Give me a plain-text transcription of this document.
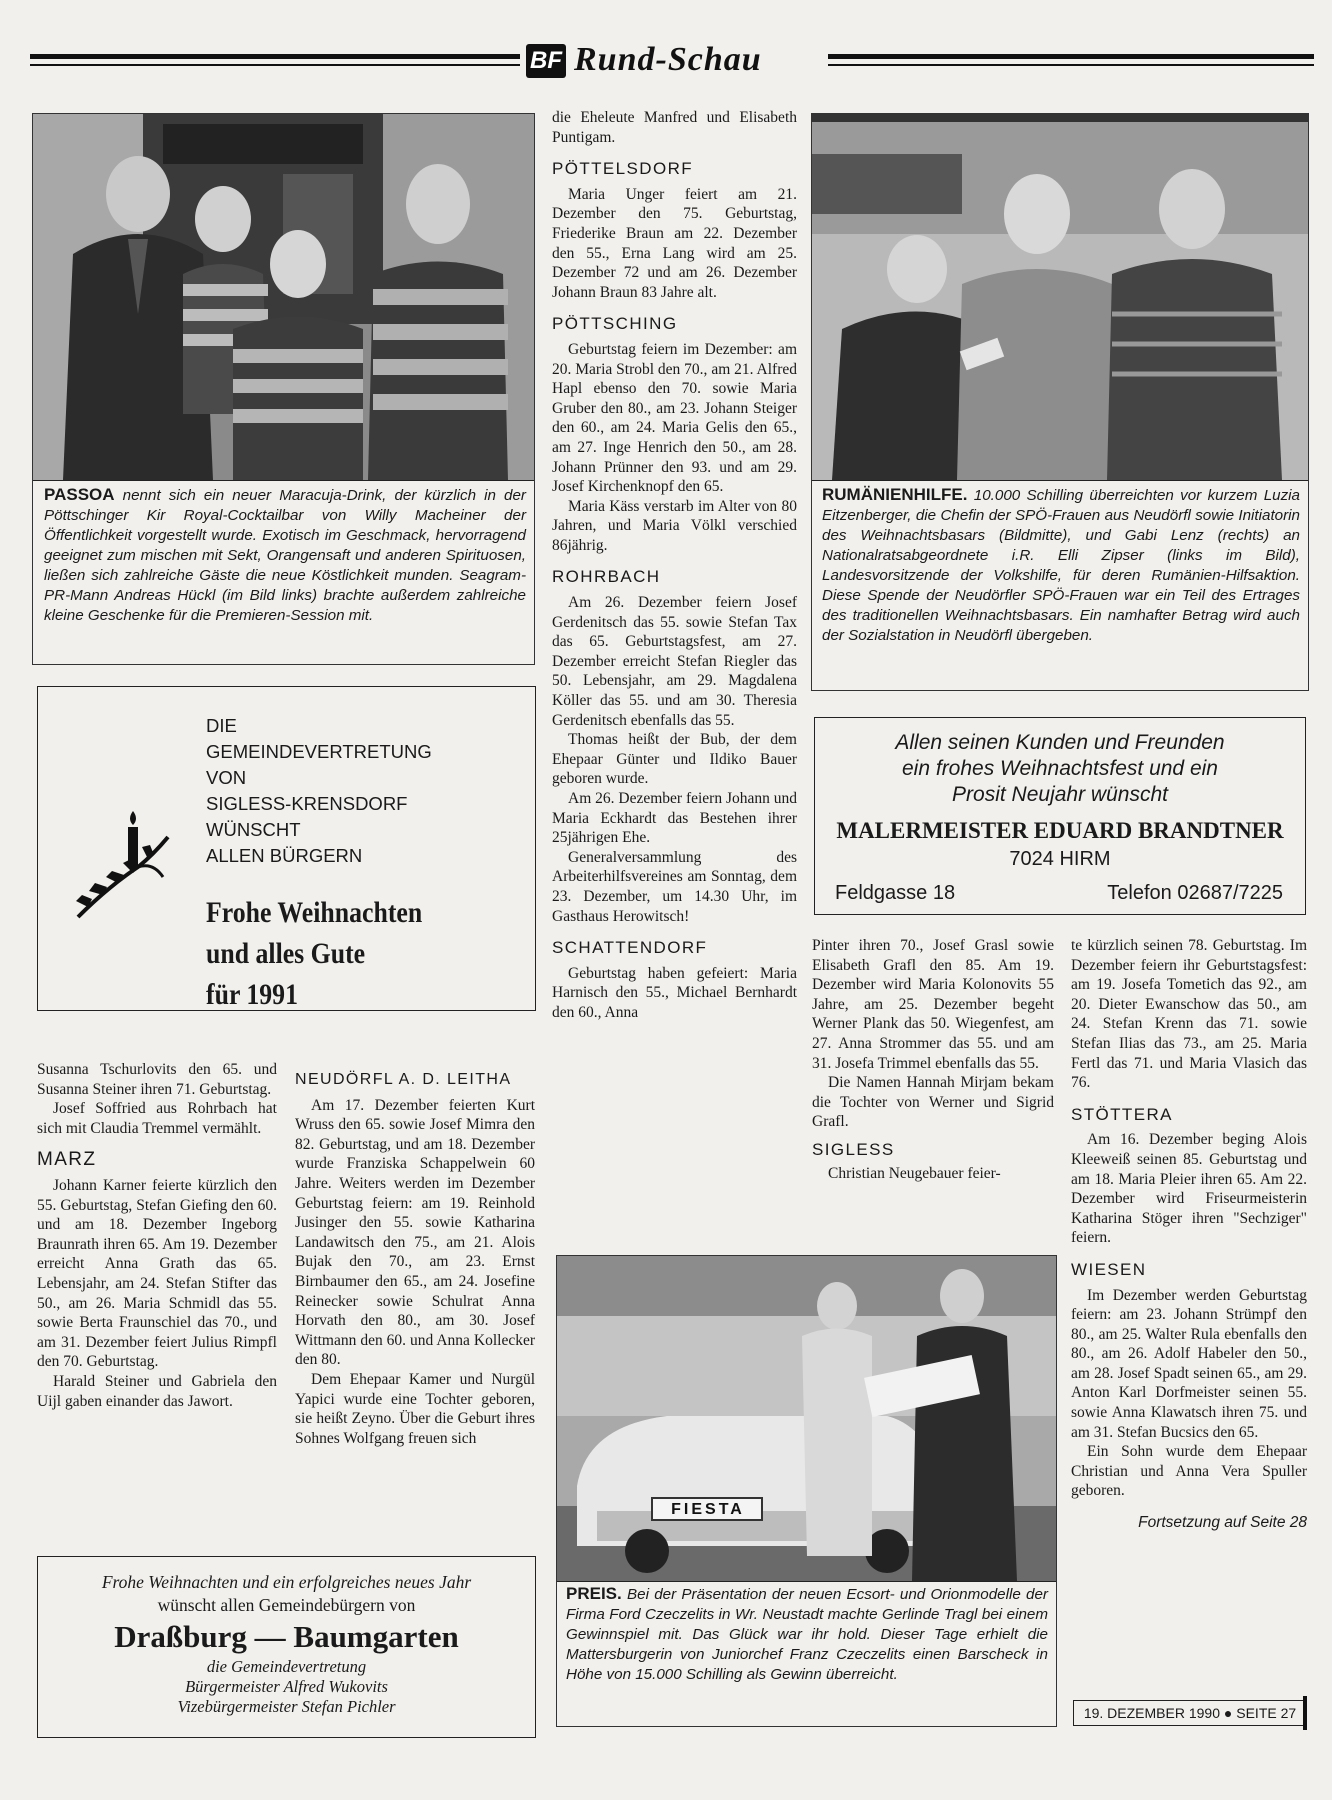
BF Rund-Schau
PASSOA nennt sich ein neuer Maracuja-Drink, der kürzlich in der Pöttschinger Kir Royal-Cocktailbar von Willy Macheiner der Öffentlichkeit vorgestellt wurde. Exotisch im Geschmack, hervorragend geeignet zum mischen mit Sekt, Orangensaft und anderen Spirituosen, ließen sich zahlreiche Gäste die neue Köstlichkeit munden. Seagram-PR-Mann Andreas Hückl (im Bild links) brachte außerdem zahlreiche kleine Geschenke für die Premieren-Session mit.
DIE
GEMEINDEVERTRETUNG
VON
SIGLESS-KRENSDORF
WÜNSCHT
ALLEN BÜRGERN
Frohe Weihnachten
und alles Gute
für 1991

die Eheleute Manfred und Elisabeth Puntigam.

PÖTTELSDORF

Maria Unger feiert am 21. Dezember den 75. Geburtstag, Friederike Braun am 22. Dezember den 55., Erna Lang wird am 25. Dezember 72 und am 26. Dezember Johann Braun 83 Jahre alt.

PÖTTSCHING

Geburtstag feiern im Dezember: am 20. Maria Strobl den 70., am 21. Alfred Hapl ebenso den 70. sowie Maria Gruber den 80., am 23. Johann Steiger den 60., am 24. Maria Gelis den 65., am 27. Inge Henrich den 50., am 28. Johann Prünner den 93. und am 29. Josef Kirchenknopf den 65.

Maria Käss verstarb im Alter von 80 Jahren, und Maria Völkl verschied 86jährig.

ROHRBACH

Am 26. Dezember feiern Josef Gerdenitsch das 55. sowie Stefan Tax das 65. Geburtstagsfest, am 27. Dezember erreicht Stefan Riegler das 50. Lebensjahr, am 29. Magdalena Köller das 55. und am 30. Theresia Gerdenitsch ebenfalls das 55.

Thomas heißt der Bub, der dem Ehepaar Günter und Ildiko Bauer geboren wurde.

Am 26. Dezember feiern Johann und Maria Eckhardt das Bestehen ihrer 25jährigen Ehe.

Generalversammlung des Arbeiterhilfsvereines am Sonntag, dem 23. Dezember, um 14.30 Uhr, im Gasthaus Herowitsch!

SCHATTENDORF

Geburtstag haben gefeiert: Maria Harnisch den 55., Michael Bernhardt den 60., Anna

RUMÄNIENHILFE. 10.000 Schilling überreichten vor kurzem Luzia Eitzenberger, die Chefin der SPÖ-Frauen aus Neudörfl sowie Initiatorin des Weihnachtsbasars (Bildmitte), und Gabi Lenz (rechts) an Nationalratsabgeordnete i.R. Elli Zipser (links im Bild), Landesvorsitzende der Volkshilfe, für deren Rumänien-Hilfsaktion. Diese Spende der Neudörfler SPÖ-Frauen war ein Teil des Ertrages des traditionellen Weihnachtsbasars. Ein namhafter Betrag wird auch der Sozialstation in Neudörfl übergeben.
Allen seinen Kunden und Freunden
ein frohes Weihnachtsfest und ein
Prosit Neujahr wünscht
MALERMEISTER EDUARD BRANDTNER
7024 HIRM
Feldgasse 18	Telefon 02687/7225

Susanna Tschurlovits den 65. und Susanna Steiner ihren 71. Geburtstag.

Josef Soffried aus Rohrbach hat sich mit Claudia Tremmel vermählt.

MARZ

Johann Karner feierte kürzlich den 55. Geburtstag, Stefan Giefing den 60. und am 18. Dezember Ingeborg Braunrath ihren 65. Am 19. Dezember erreicht Anna Grath das 65. Lebensjahr, am 24. Stefan Stifter das 50., am 26. Maria Schmidl das 55. sowie Berta Fraunschiel das 70., und am 31. Dezember feiert Julius Rimpfl den 70. Geburtstag.

Harald Steiner und Gabriela den Uijl gaben einander das Jawort.

NEUDÖRFL A. D. LEITHA

Am 17. Dezember feierten Kurt Wruss den 65. sowie Josef Mimra den 82. Geburtstag, und am 18. Dezember wurde Franziska Schappelwein 60 Jahre. Weiters werden im Dezember Geburtstag feiern: am 19. Reinhold Jusinger den 55. sowie Katharina Landawitsch den 75., am 21. Alois Bujak den 70., am 23. Ernst Birnbaumer den 65., am 24. Josefine Reinecker sowie Schulrat Anna Horvath den 80., am 30. Josef Wittmann den 60. und Anna Kollecker den 80.

Dem Ehepaar Kamer und Nurgül Yapici wurde eine Tochter geboren, sie heißt Zeyno. Über die Geburt ihres Sohnes Wolfgang freuen sich

Pinter ihren 70., Josef Grasl sowie Elisabeth Grafl den 85. Am 19. Dezember wird Maria Kolonovits 55 Jahre, am 25. Dezember begeht Werner Plank das 50. Wiegenfest, am 27. Anna Strommer das 55. und am 31. Josefa Trimmel ebenfalls das 55.

Die Namen Hannah Mirjam bekam die Tochter von Werner und Sigrid Grafl.

SIGLESS

Christian Neugebauer feier-

te kürzlich seinen 78. Geburtstag. Im Dezember feiern ihr Geburtstagsfest: am 19. Josefa Tometich das 92., am 20. Dieter Ewanschow das 50., am 24. Stefan Krenn das 71. sowie Stefan Ilias das 73., am 25. Maria Fertl das 71. und Maria Vlasich das 76.

STÖTTERA

Am 16. Dezember beging Alois Kleeweiß seinen 85. Geburtstag und am 18. Maria Pleier ihren 65. Am 22. Dezember wird Friseurmeisterin Katharina Stöger ihren "Sechziger" feiern.

WIESEN

Im Dezember werden Geburtstag feiern: am 23. Johann Strümpf den 80., am 25. Walter Rula ebenfalls den 80., am 26. Adolf Habeler den 50., am 28. Josef Spadt seinen 65., am 29. Anton Karl Dorfmeister seinen 55. sowie Anna Klawatsch ihren 75. und am 31. Stefan Bucsics den 65.

Ein Sohn wurde dem Ehepaar Christian und Anna Vera Spuller geboren.

Fortsetzung auf Seite 28

FIESTA
PREIS. Bei der Präsentation der neuen Ecsort- und Orionmodelle der Firma Ford Czeczelits in Wr. Neustadt machte Gerlinde Tragl bei einem Gewinnspiel mit. Das Glück war ihr hold. Dieser Tage erhielt die Mattersburgerin von Juniorchef Franz Czeczelits einen Barscheck in Höhe von 15.000 Schilling als Gewinn überreicht.
Frohe Weihnachten und ein erfolgreiches neues Jahr
wünscht allen Gemeindebürgern von
Draßburg — Baumgarten
die Gemeindevertretung
Bürgermeister Alfred Wukovits
Vizebürgermeister Stefan Pichler	19. DEZEMBER 1990 ● SEITE 27
